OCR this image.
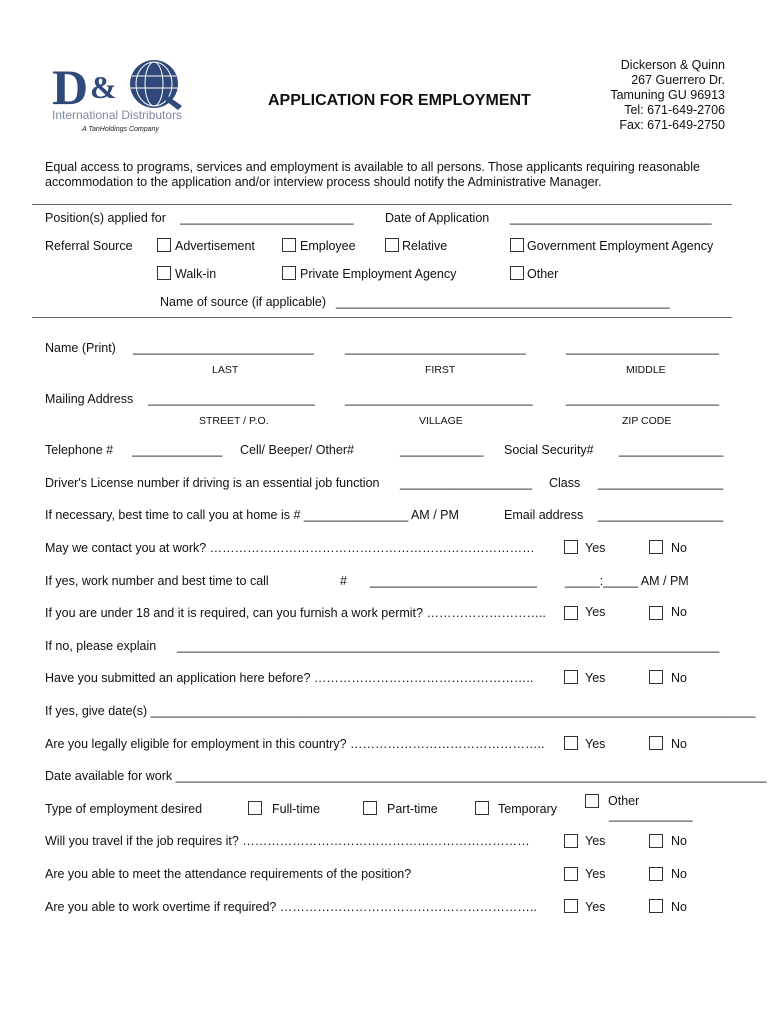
D &
International Distributors
A TanHoldings Company
APPLICATION FOR EMPLOYMENT
Dickerson & Quinn
267 Guerrero Dr.
Tamuning GU 96913
Tel: 671-649-2706
Fax: 671-649-2750
Equal access to programs, services and employment is available to all persons. Those applicants requiring reasonable
accommodation to the application and/or interview process should notify the Administrative Manager.
Position(s) applied for _________________________ Date of Application _____________________________
Referral Source	Advertisement	Employee	Relative	Government Employment Agency
Walk-in	Private Employment Agency	Other
Name of source (if applicable) ________________________________________________
Name (Print) __________________________	__________________________	______________________
LAST	FIRST	MIDDLE
Mailing Address ________________________ ___________________________	______________________
STREET / P.O.	VILLAGE	ZIP CODE
Telephone # _____________ Cell/ Beeper/ Other#	____________ Social Security# _______________
Driver's License number if driving is an essential job function ___________________ Class __________________
If necessary, best time to call you at home is # _______________ AM / PM	Email address __________________
May we contact you at work? ……………………………………………………………………	Yes	No
If yes, work number and best time to call	# ________________________ _____:_____ AM / PM
If you are under 18 and it is required, can you furnish a work permit? ………………………..	Yes	No
If no, please explain ______________________________________________________________________________
Have you submitted an application here before? ……………………………………………..	Yes	No
If yes, give date(s) _______________________________________________________________________________________
Are you legally eligible for employment in this country? ………………………………………..	Yes	No
Date available for work _____________________________________________________________________________________
Type of employment desired	Full-time	Part-time	Temporary
Other
____________
Will you travel if the job requires it? ……………………………………………………………	Yes	No
Are you able to meet the attendance requirements of the position?	Yes	No
Are you able to work overtime if required? ……………………………………………………..	Yes	No
